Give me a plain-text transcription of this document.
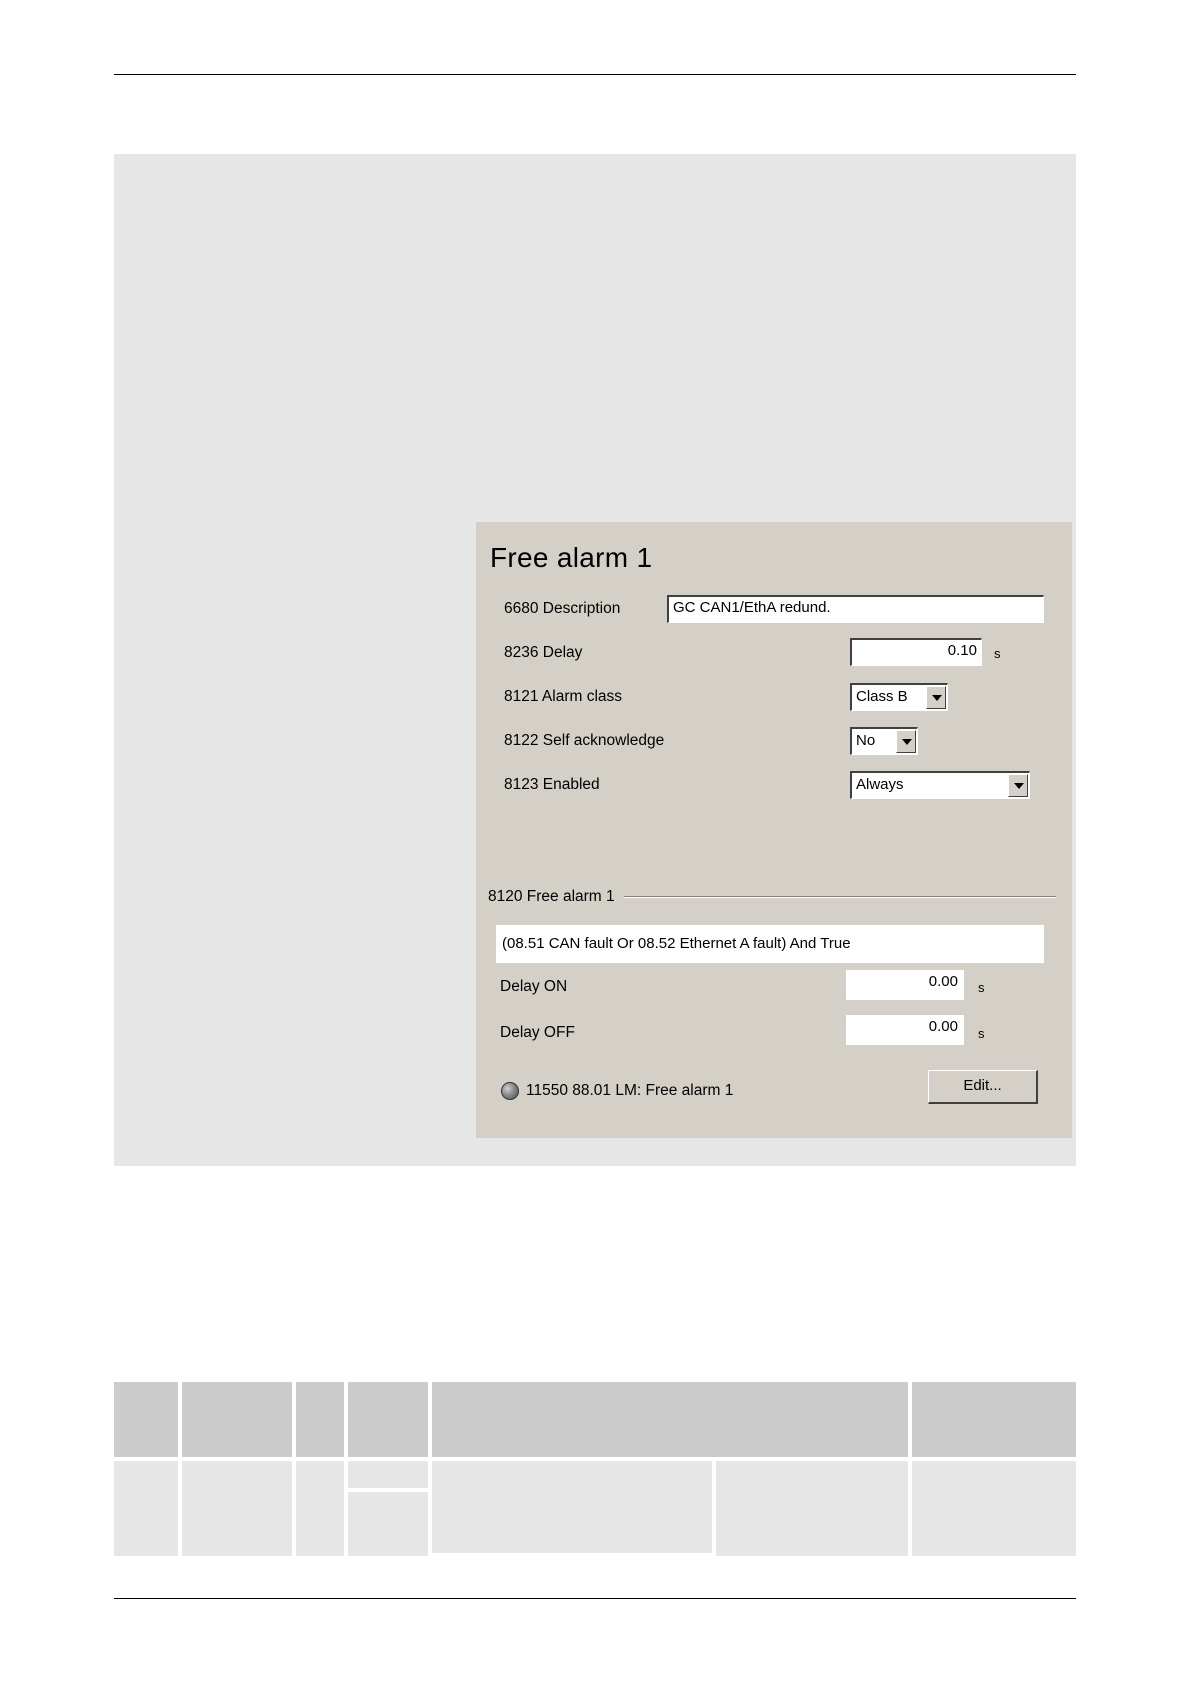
Free alarm 1
6680 Description	GC CAN1/EthA redund.
8236 Delay	0.10	s
8121 Alarm class	Class B
8122 Self acknowledge	No
8123 Enabled	Always
8120 Free alarm 1
(08.51 CAN fault Or 08.52 Ethernet A fault) And True
Delay ON	0.00	s
Delay OFF	0.00	s
11550 88.01 LM: Free alarm 1	Edit...
